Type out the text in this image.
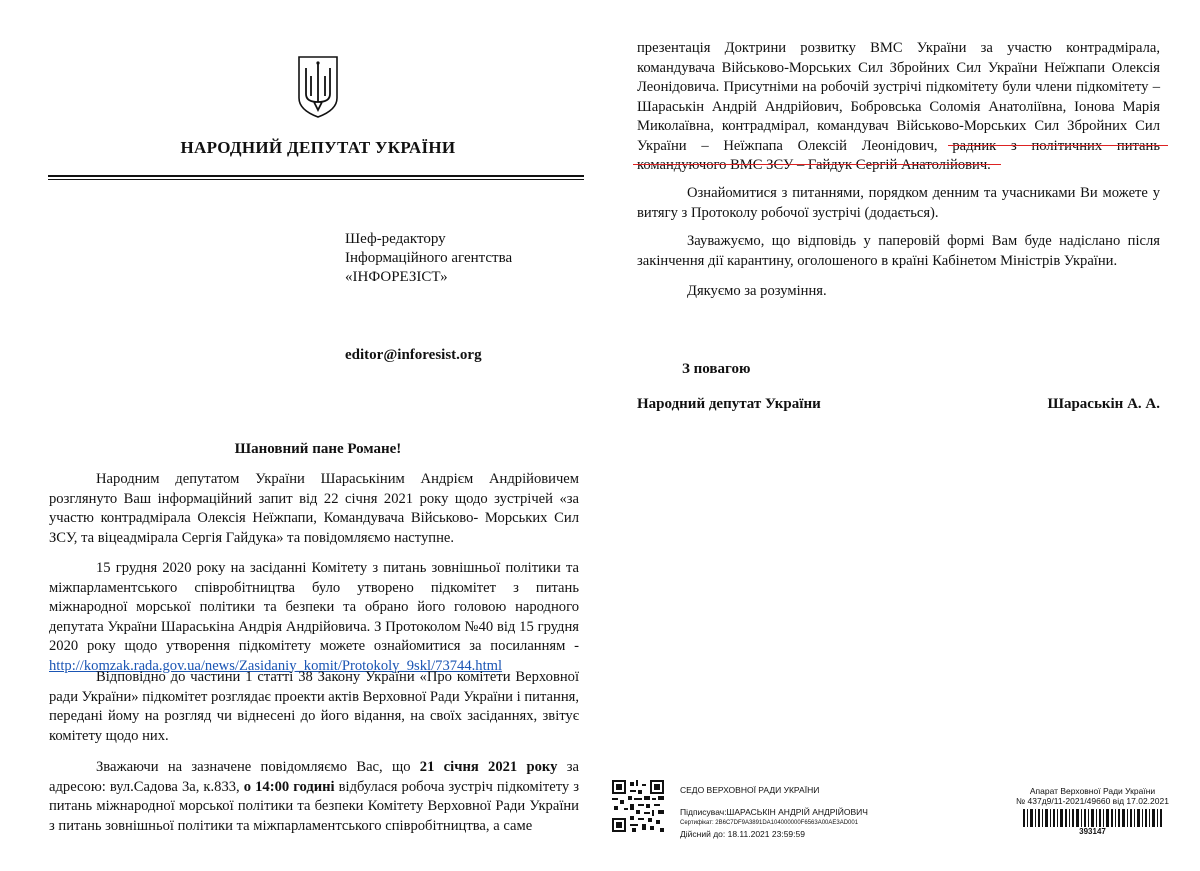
НАРОДНИЙ ДЕПУТАТ УКРАЇНИ
Шеф-редактору
Інформаційного агентства
«ІНФОРЕЗІСТ»
editor@inforesist.org
Шановний пане Романе!
Народним депутатом України Шараськіним Андрієм Андрійовичем розглянуто Ваш інформаційний запит від 22 січня 2021 року щодо зустрічей «за участю контрадмірала Олексія Неїжпапи, Командувача Військово- Морських Сил ЗСУ, та віцеадмірала Сергія Гайдука» та повідомляємо наступне.
15 грудня 2020 року на засіданні Комітету з питань зовнішньої політики та міжпарламентського співробітництва було утворено підкомітет з питань міжнародної морської політики та безпеки та обрано його головою народного депутата України Шараськіна Андрія Андрійовича. З Протоколом №40 від 15 грудня 2020 року щодо утворення підкомітету можете ознайомитися за посиланням - http://komzak.rada.gov.ua/news/Zasidaniy_komit/Protokoly_9skl/73744.html
Відповідно до частини 1 статті 38 Закону України «Про комітети Верховної ради України» підкомітет розглядає проекти актів Верховної Ради України і питання, передані йому на розгляд чи віднесені до його відання, на своїх засіданнях, звітує комітету щодо них.
Зважаючи на зазначене повідомляємо Вас, що 21 січня 2021 року за адресою: вул.Садова 3а, к.833, о 14:00 годині відбулася робоча зустріч підкомітету з питань міжнародної морської політики та безпеки Комітету Верховної Ради України з питань зовнішньої політики та міжпарламентського співробітництва, а саме
презентація Доктрини розвитку ВМС України за участю контрадмірала, командувача Військово-Морських Сил Збройних Сил України Неїжпапи Олексія Леонідовича. Присутніми на робочій зустрічі підкомітету були члени підкомітету – Шараськін Андрій Андрійович, Бобровська Соломія Анатоліївна, Іонова Марія Миколаївна, контрадмірал, командувач Військово-Морських Сил Збройних Сил України – Неїжпапа Олексій Леонідович, радник з політичних питань командуючого ВМС ЗСУ – Гайдук Сергій Анатолійович.
Ознайомитися з питаннями, порядком денним та учасниками Ви можете у витягу з Протоколу робочої зустрічі (додається).
Зауважуємо, що відповідь у паперовій формі Вам буде надіслано після закінчення дії карантину, оголошеного в країні Кабінетом Міністрів України.
Дякуємо за розуміння.
З повагою
Народний депутат України	Шараськін А. А.
СЕДО ВЕРХОВНОЇ РАДИ УКРАЇНИ
Підписувач:ШАРАСЬКІН АНДРІЙ АНДРІЙОВИЧ
Сертифікат: 2B6C7DF9A3891DA104000000F6563A00AE3AD001
Дійсний до: 18.11.2021 23:59:59
Апарат Верховної Ради України
№ 437д9/11-2021/49660 від 17.02.2021
393147
